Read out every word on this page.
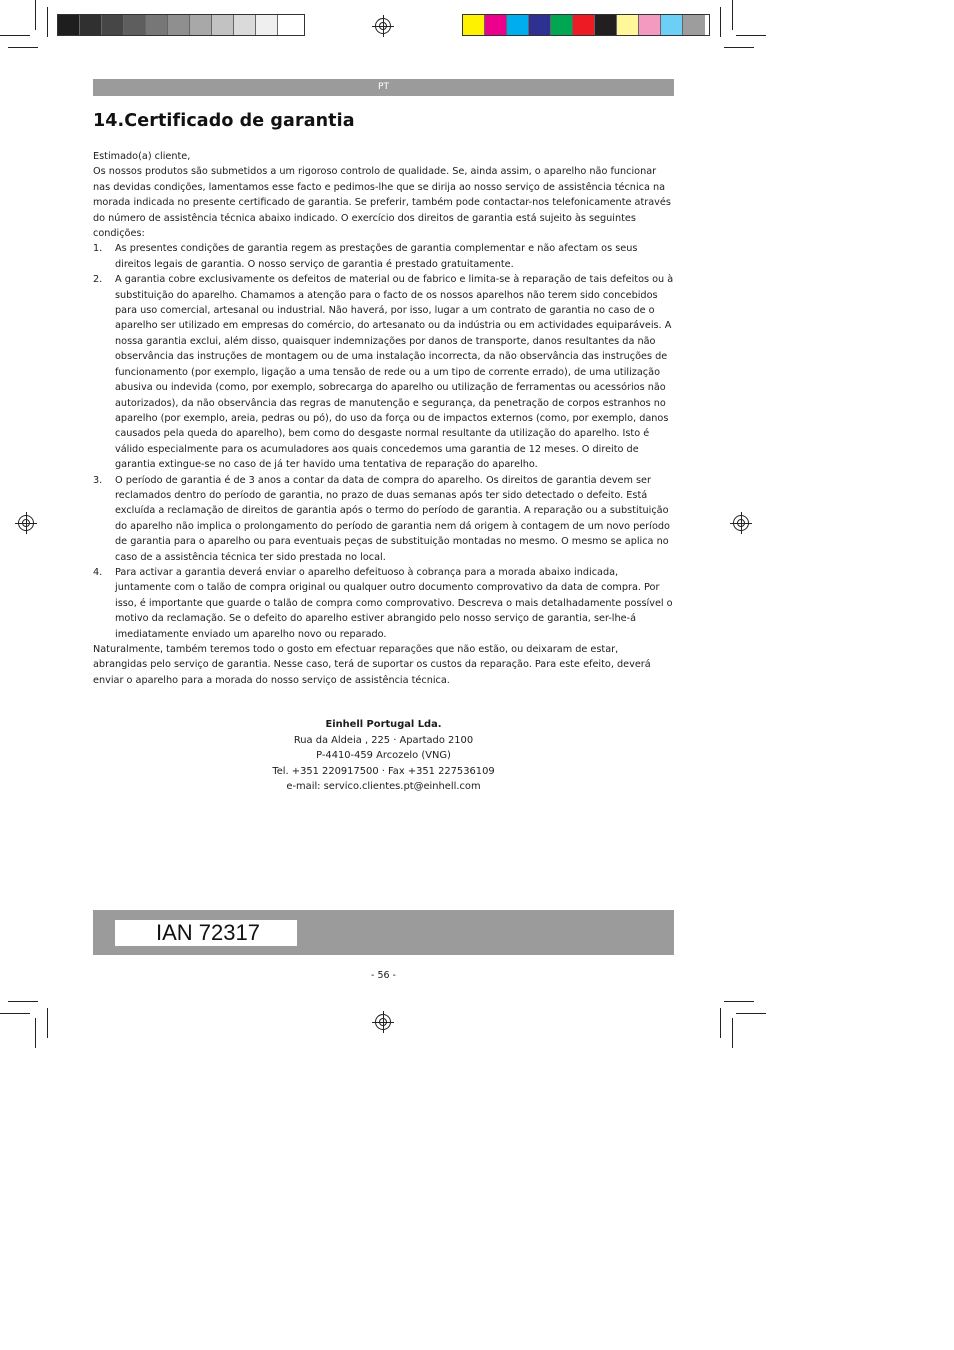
PT
14.Certificado de garantia

Estimado(a) cliente,

Os nossos produtos são submetidos a um rigoroso controlo de qualidade. Se, ainda assim, o aparelho não funcionar nas devidas condições, lamentamos esse facto e pedimos-lhe que se dirija ao nosso serviço de assistência técnica na morada indicada no presente certificado de garantia. Se preferir, também pode contactar-nos telefonicamente através do número de assistência técnica abaixo indicado. O exercício dos direitos de garantia está sujeito às seguintes condições:

1. As presentes condições de garantia regem as prestações de garantia complementar e não afectam os seus direitos legais de garantia. O nosso serviço de garantia é prestado gratuitamente.
2. A garantia cobre exclusivamente os defeitos de material ou de fabrico e limita-se à reparação de tais defeitos ou à substituição do aparelho. Chamamos a atenção para o facto de os nossos aparelhos não terem sido concebidos para uso comercial, artesanal ou industrial. Não haverá, por isso, lugar a um contrato de garantia no caso de o aparelho ser utilizado em empresas do comércio, do artesanato ou da indústria ou em actividades equiparáveis. A nossa garantia exclui, além disso, quaisquer indemnizações por danos de transporte, danos resultantes da não observância das instruções de montagem ou de uma instalação incorrecta, da não observância das instruções de funcionamento (por exemplo, ligação a uma tensão de rede ou a um tipo de corrente errado), de uma utilização abusiva ou indevida (como, por exemplo, sobrecarga do aparelho ou utilização de ferramentas ou acessórios não autorizados), da não observância das regras de manutenção e segurança, da penetração de corpos estranhos no aparelho (por exemplo, areia, pedras ou pó), do uso da força ou de impactos externos (como, por exemplo, danos causados pela queda do aparelho), bem como do desgaste normal resultante da utilização do aparelho. Isto é válido especialmente para os acumuladores aos quais concedemos uma garantia de 12 meses. O direito de garantia extingue-se no caso de já ter havido uma tentativa de reparação do aparelho.
3. O período de garantia é de 3 anos a contar da data de compra do aparelho. Os direitos de garantia devem ser reclamados dentro do período de garantia, no prazo de duas semanas após ter sido detectado o defeito. Está excluída a reclamação de direitos de garantia após o termo do período de garantia. A reparação ou a substituição do aparelho não implica o prolongamento do período de garantia nem dá origem à contagem de um novo período de garantia para o aparelho ou para eventuais peças de substituição montadas no mesmo. O mesmo se aplica no caso de a assistência técnica ter sido prestada no local.
4. Para activar a garantia deverá enviar o aparelho defeituoso à cobrança para a morada abaixo indicada, juntamente com o talão de compra original ou qualquer outro documento comprovativo da data de compra. Por isso, é importante que guarde o talão de compra como comprovativo. Descreva o mais detalhadamente possível o motivo da reclamação. Se o defeito do aparelho estiver abrangido pelo nosso serviço de garantia, ser-lhe-á imediatamente enviado um aparelho novo ou reparado.

Naturalmente, também teremos todo o gosto em efectuar reparações que não estão, ou deixaram de estar, abrangidas pelo serviço de garantia. Nesse caso, terá de suportar os custos da reparação. Para este efeito, deverá enviar o aparelho para a morada do nosso serviço de assistência técnica.

Einhell Portugal Lda.
Rua da Aldeia , 225 · Apartado 2100
P-4410-459 Arcozelo (VNG)
Tel. +351 220917500 · Fax +351 227536109
e-mail: servico.clientes.pt@einhell.com
IAN 72317
- 56 -
